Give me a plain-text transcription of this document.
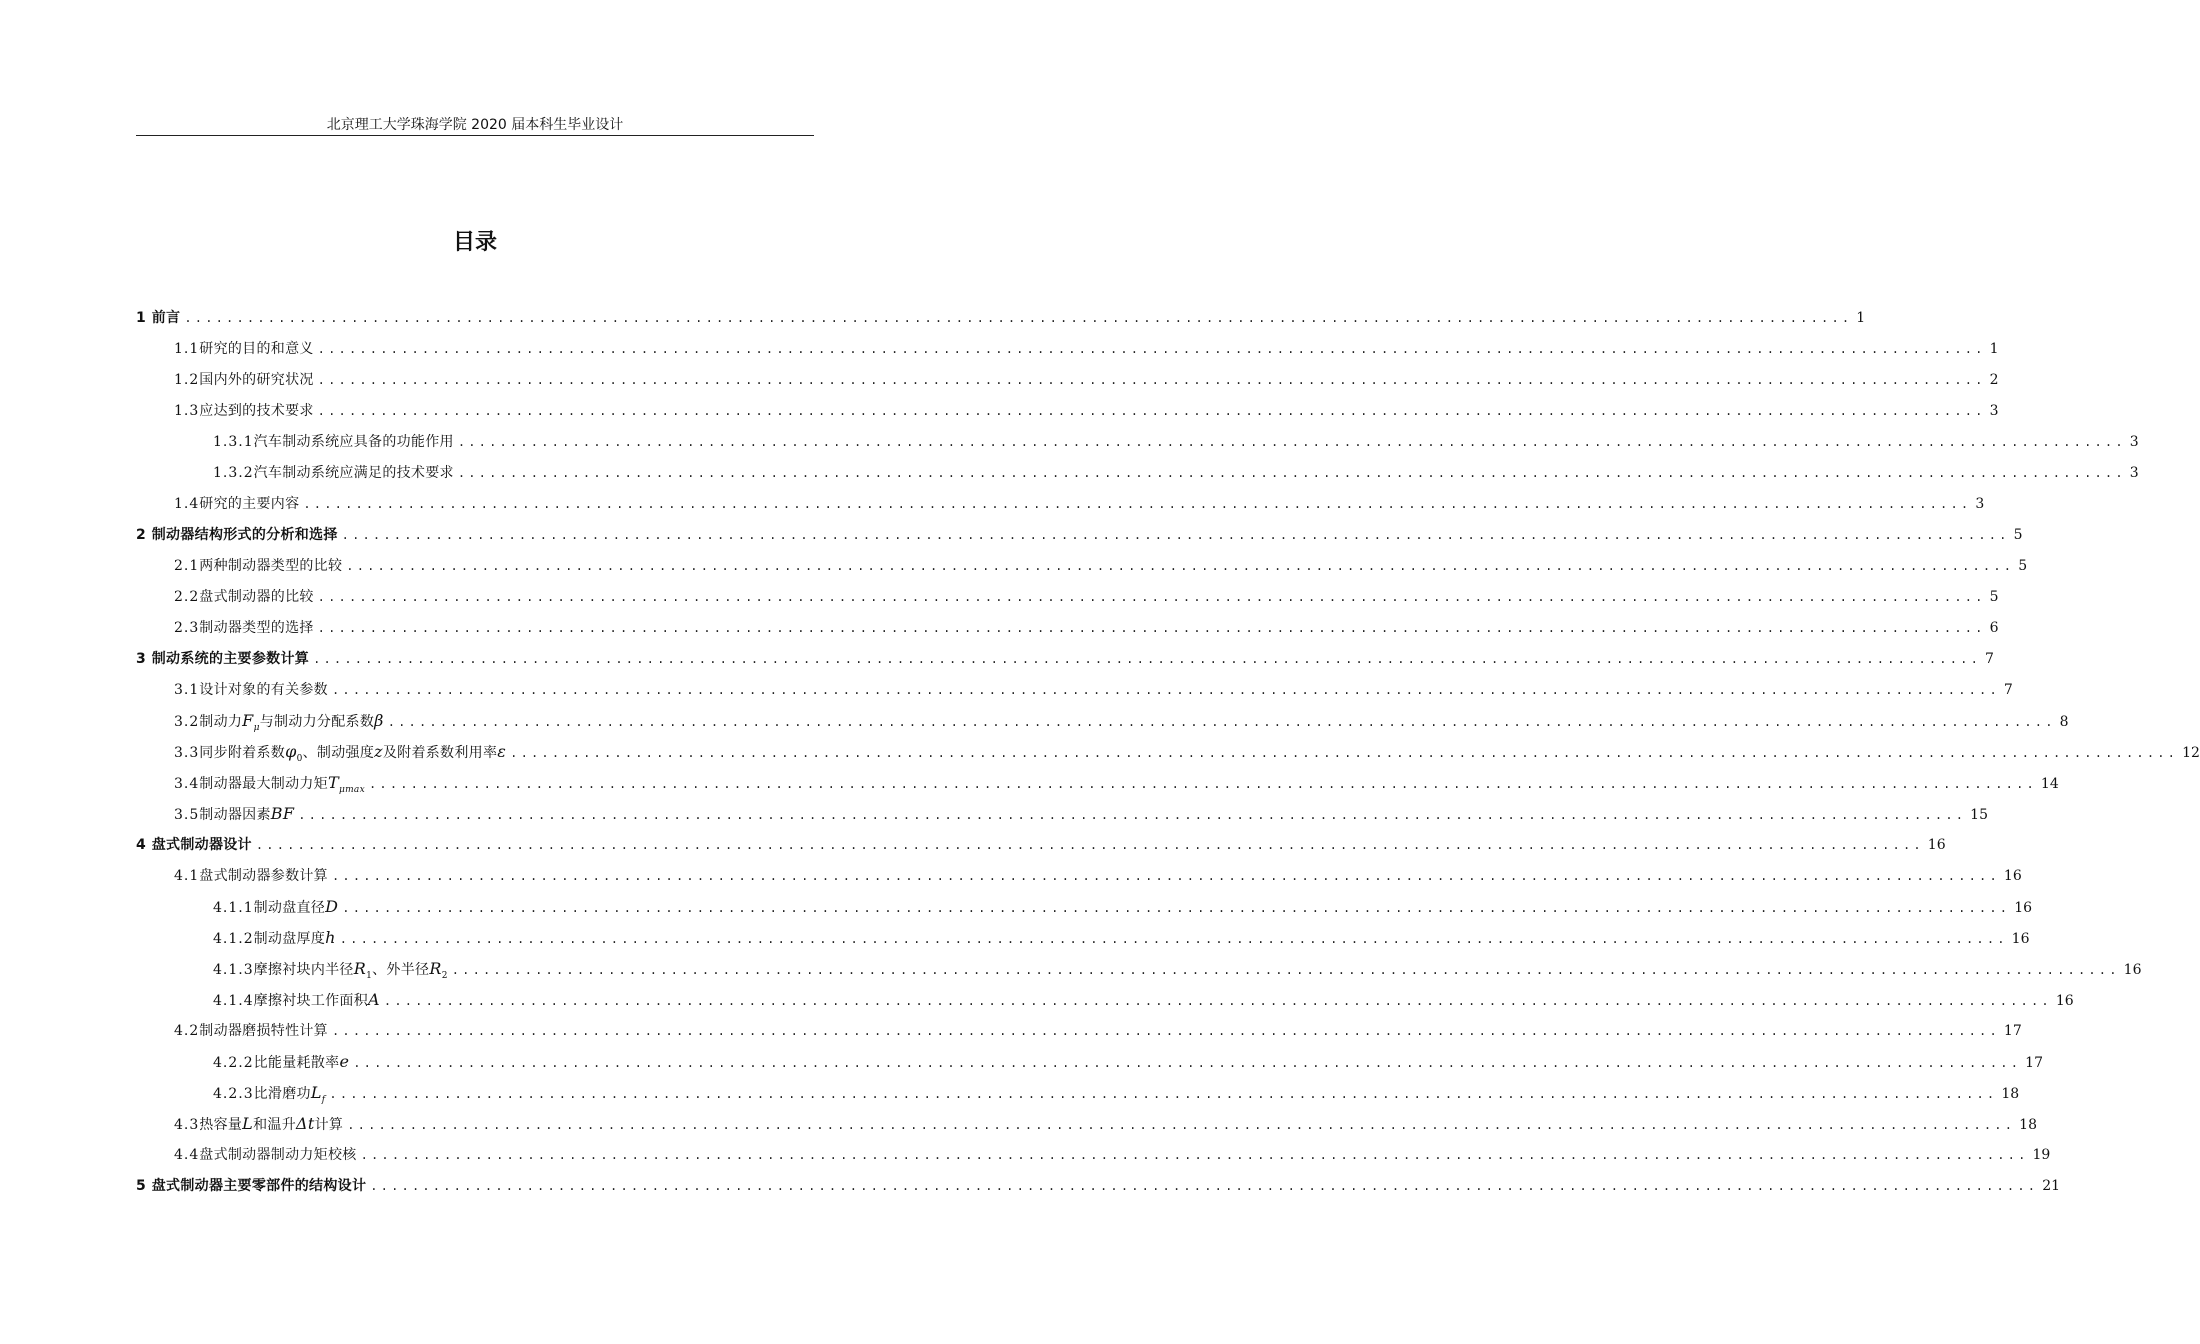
北京理工大学珠海学院 2020 届本科生毕业设计
目录
1 前言 ................................................................................................................................................................ 1
1.1 研究的目的和意义 ................................................................................................................................................................ 1
1.2 国内外的研究状况 ................................................................................................................................................................ 2
1.3 应达到的技术要求 ................................................................................................................................................................ 3
1.3.1 汽车制动系统应具备的功能作用 ................................................................................................................................................................ 3
1.3.2 汽车制动系统应满足的技术要求 ................................................................................................................................................................ 3
1.4 研究的主要内容 ................................................................................................................................................................ 3
2 制动器结构形式的分析和选择 ................................................................................................................................................................ 5
2.1 两种制动器类型的比较 ................................................................................................................................................................ 5
2.2 盘式制动器的比较 ................................................................................................................................................................ 5
2.3 制动器类型的选择 ................................................................................................................................................................ 6
3 制动系统的主要参数计算 ................................................................................................................................................................ 7
3.1 设计对象的有关参数 ................................................................................................................................................................ 7
3.2 制动力$F_\mu$与制动力分配系数β ................................................................................................................................................................ 8
3.3 同步附着系数$\varphi_0$、制动强度z及附着系数利用率ε ................................................................................................................................................................ 12
3.4 制动器最大制动力矩$T_{\mu max}$ ................................................................................................................................................................ 14
3.5 制动器因素BF ................................................................................................................................................................ 15
4 盘式制动器设计 ................................................................................................................................................................ 16
4.1 盘式制动器参数计算 ................................................................................................................................................................ 16
4.1.1 制动盘直径D ................................................................................................................................................................ 16
4.1.2 制动盘厚度h ................................................................................................................................................................ 16
4.1.3 摩擦衬块内半径$R_1$、外半径$R_2$ ................................................................................................................................................................ 16
4.1.4 摩擦衬块工作面积A ................................................................................................................................................................ 16
4.2 制动器磨损特性计算 ................................................................................................................................................................ 17
4.2.2 比能量耗散率e ................................................................................................................................................................ 17
4.2.3 比滑磨功$L_f$ ................................................................................................................................................................ 18
4.3 热容量L和温升Δt计算 ................................................................................................................................................................ 18
4.4 盘式制动器制动力矩校核 ................................................................................................................................................................ 19
5 盘式制动器主要零部件的结构设计 ................................................................................................................................................................ 21
